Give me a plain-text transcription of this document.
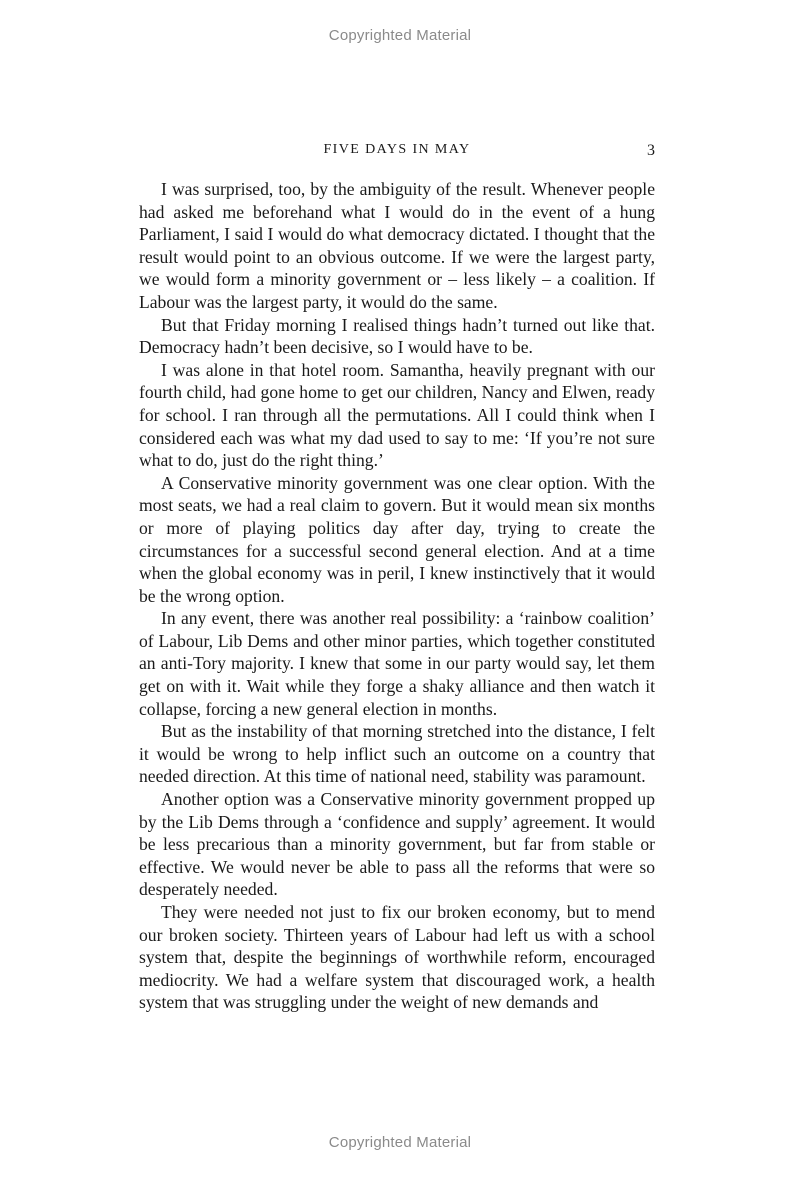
Copyrighted Material
FIVE DAYS IN MAY	3

I was surprised, too, by the ambiguity of the result. Whenever people had asked me beforehand what I would do in the event of a hung Parliament, I said I would do what democracy dictated. I thought that the result would point to an obvious outcome. If we were the largest party, we would form a minority government or – less likely – a coalition. If Labour was the largest party, it would do the same.

But that Friday morning I realised things hadn’t turned out like that. Democracy hadn’t been decisive, so I would have to be.

I was alone in that hotel room. Samantha, heavily pregnant with our fourth child, had gone home to get our children, Nancy and Elwen, ready for school. I ran through all the permutations. All I could think when I considered each was what my dad used to say to me: ‘If you’re not sure what to do, just do the right thing.’

A Conservative minority government was one clear option. With the most seats, we had a real claim to govern. But it would mean six months or more of playing politics day after day, trying to create the circumstances for a successful second general election. And at a time when the global economy was in peril, I knew instinctively that it would be the wrong option.

In any event, there was another real possibility: a ‘rainbow coalition’ of Labour, Lib Dems and other minor parties, which together constituted an anti-Tory majority. I knew that some in our party would say, let them get on with it. Wait while they forge a shaky alliance and then watch it collapse, forcing a new general election in months.

But as the instability of that morning stretched into the distance, I felt it would be wrong to help inflict such an outcome on a country that needed direction. At this time of national need, stability was paramount.

Another option was a Conservative minority government propped up by the Lib Dems through a ‘confidence and supply’ agreement. It would be less precarious than a minority government, but far from stable or effective. We would never be able to pass all the reforms that were so desperately needed.

They were needed not just to fix our broken economy, but to mend our broken society. Thirteen years of Labour had left us with a school system that, despite the beginnings of worthwhile reform, encouraged mediocrity. We had a welfare system that discouraged work, a health system that was struggling under the weight of new demands and

Copyrighted Material
